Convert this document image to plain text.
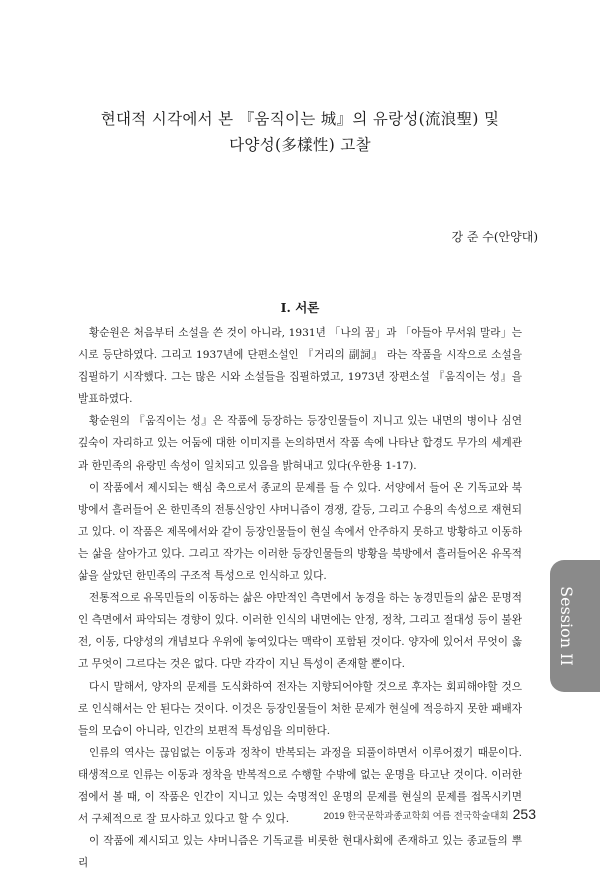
현대적 시각에서 본 『움직이는 城』의 유랑성(流浪聖) 및
다양성(多樣性) 고찰
강 준 수(안양대)
Ⅰ. 서론

황순원은 처음부터 소설을 쓴 것이 아니라, 1931년 「나의 꿈」과 「아들아 무서워 말라」는 시로 등단하였다. 그리고 1937년에 단편소설인 『거리의 副詞』 라는 작품을 시작으로 소설을 집필하기 시작했다. 그는 많은 시와 소설들을 집필하였고, 1973년 장편소설 『움직이는 성』을 발표하였다.

황순원의 『움직이는 성』은 작품에 등장하는 등장인물들이 지니고 있는 내면의 병이나 심연 깊숙이 자리하고 있는 어둠에 대한 이미지를 논의하면서 작품 속에 나타난 합경도 무가의 세계관과 한민족의 유랑민 속성이 일치되고 있음을 밝혀내고 있다(우한용 1-17).

이 작품에서 제시되는 핵심 축으로서 종교의 문제를 들 수 있다. 서양에서 들어 온 기독교와 북방에서 흘러들어 온 한민족의 전통신앙인 샤머니즘이 경쟁, 갈등, 그리고 수용의 속성으로 재현되고 있다. 이 작품은 제목에서와 같이 등장인물들이 현실 속에서 안주하지 못하고 방황하고 이동하는 삶을 살아가고 있다. 그리고 작가는 이러한 등장인물들의 방황을 북방에서 흘러들어온 유목적 삶을 살았던 한민족의 구조적 특성으로 인식하고 있다.

전통적으로 유목민들의 이동하는 삶은 야만적인 측면에서 농경을 하는 농경민들의 삶은 문명적인 측면에서 파악되는 경향이 있다. 이러한 인식의 내면에는 안정, 정착, 그리고 절대성 등이 불완전, 이동, 다양성의 개념보다 우위에 놓여있다는 맥락이 포함된 것이다. 양자에 있어서 무엇이 옳고 무엇이 그르다는 것은 없다. 다만 각각이 지닌 특성이 존재할 뿐이다.

다시 말해서, 양자의 문제를 도식화하여 전자는 지향되어야할 것으로 후자는 회피해야할 것으로 인식해서는 안 된다는 것이다. 이것은 등장인물들이 처한 문제가 현실에 적응하지 못한 패배자들의 모습이 아니라, 인간의 보편적 특성임을 의미한다.

인류의 역사는 끊임없는 이동과 정착이 반복되는 과정을 되풀이하면서 이루어졌기 때문이다. 태생적으로 인류는 이동과 정착을 반복적으로 수행할 수밖에 없는 운명을 타고난 것이다. 이러한 점에서 볼 때, 이 작품은 인간이 지니고 있는 숙명적인 운명의 문제를 현실의 문제를 접목시키면서 구체적으로 잘 묘사하고 있다고 할 수 있다.

이 작품에 제시되고 있는 샤머니즘은 기독교를 비롯한 현대사회에 존재하고 있는 종교들의 뿌리

Session II
2019 한국문학과종교학회 여름 전국학술대회 253
